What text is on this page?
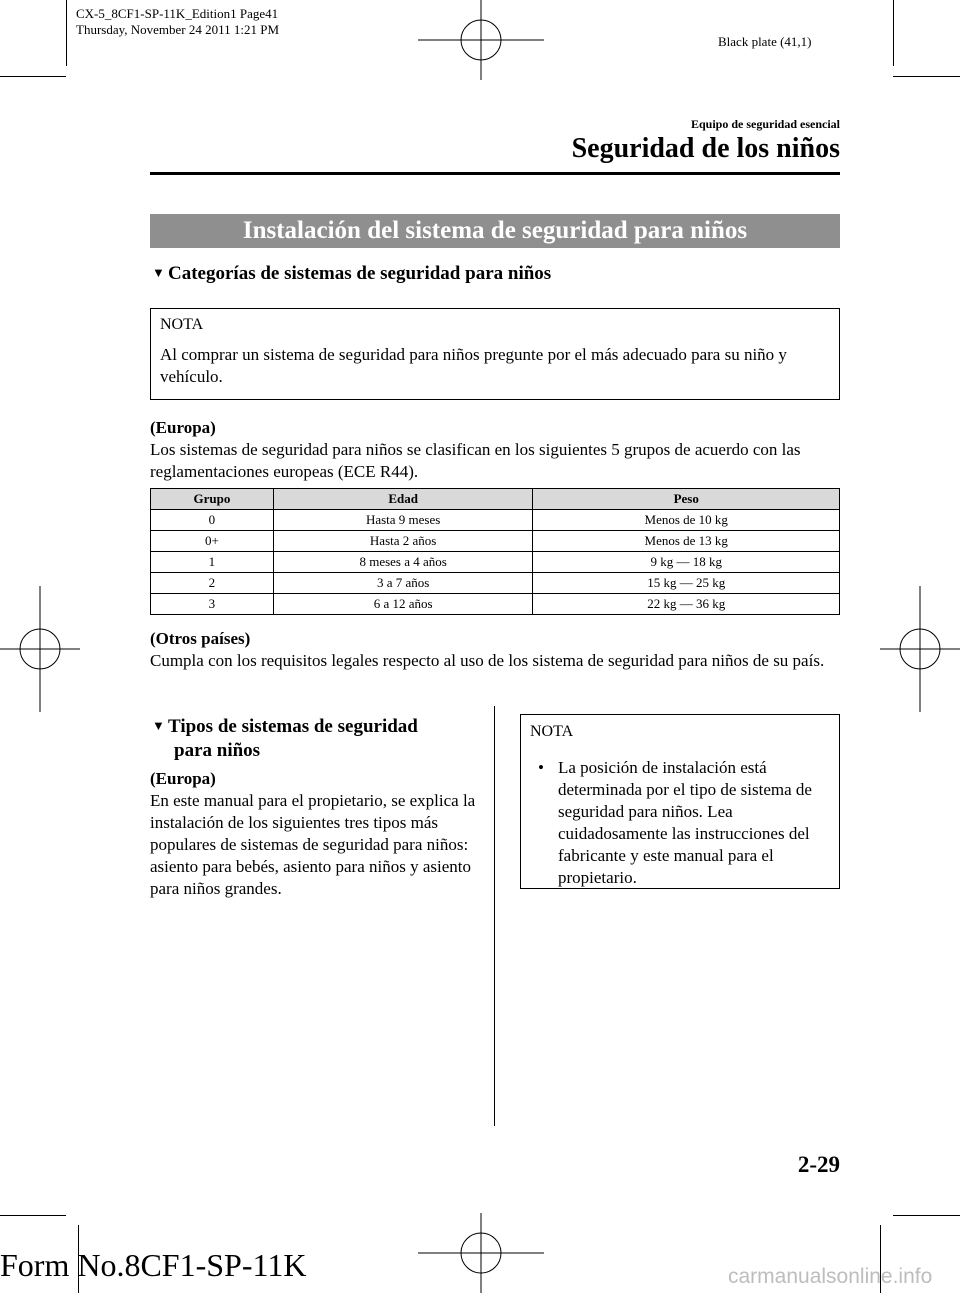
CX-5_8CF1-SP-11K_Edition1 Page41
Thursday, November 24 2011 1:21 PM
Black plate (41,1)
Equipo de seguridad esencial
Seguridad de los niños
Instalación del sistema de seguridad para niños
▼ Categorías de sistemas de seguridad para niños
NOTA
Al comprar un sistema de seguridad para niños pregunte por el más adecuado para su niño y vehículo.
(Europa)
Los sistemas de seguridad para niños se clasifican en los siguientes 5 grupos de acuerdo con las reglamentaciones europeas (ECE R44).
Grupo	Edad	Peso
0	Hasta 9 meses	Menos de 10 kg
0+	Hasta 2 años	Menos de 13 kg
1	8 meses a 4 años	9 kg ― 18 kg
2	3 a 7 años	15 kg ― 25 kg
3	6 a 12 años	22 kg ― 36 kg
(Otros países)
Cumpla con los requisitos legales respecto al uso de los sistema de seguridad para niños de su país.
▼ Tipos de sistemas de seguridad
para niños
(Europa)
En este manual para el propietario, se explica la instalación de los siguientes tres tipos más populares de sistemas de seguridad para niños: asiento para bebés, asiento para niños y asiento para niños grandes.
NOTA
• La posición de instalación está determinada por el tipo de sistema de seguridad para niños. Lea cuidadosamente las instrucciones del fabricante y este manual para el propietario.
2-29
Form No.8CF1-SP-11K	carmanualsonline.info
